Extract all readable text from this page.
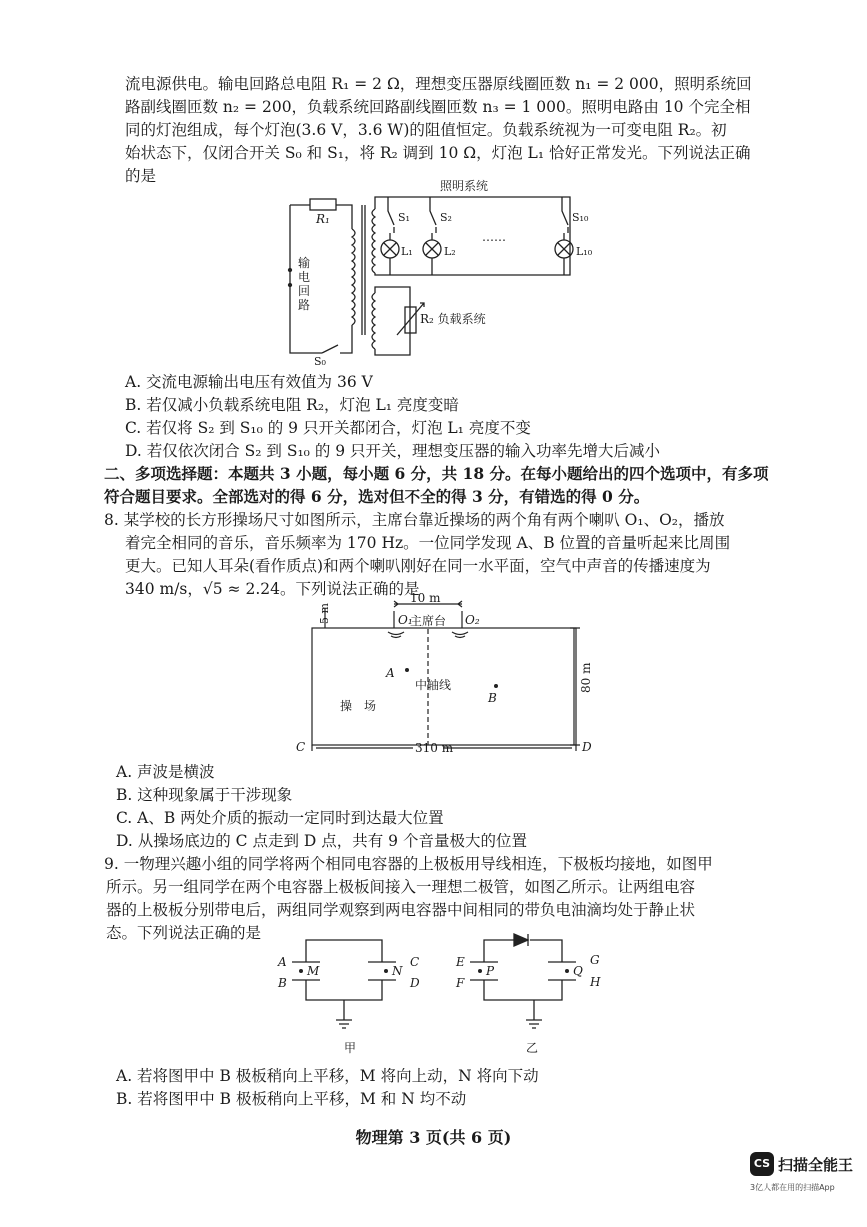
流电源供电。输电回路总电阻 R₁ = 2 Ω，理想变压器原线圈匝数 n₁ = 2 000，照明系统回
路副线圈匝数 n₂ = 200，负载系统回路副线圈匝数 n₃ = 1 000。照明电路由 10 个完全相
同的灯泡组成，每个灯泡(3.6 V，3.6 W)的阻值恒定。负载系统视为一可变电阻 R₂。初
始状态下，仅闭合开关 S₀ 和 S₁，将 R₂ 调到 10 Ω，灯泡 L₁ 恰好正常发光。下列说法正确
的是
照明系统
R₁
输
电
回
路
S₁	S₂	S₁₀
L₁	L₂	L₁₀
……
R₂ 负载系统
S₀
A. 交流电源输出电压有效值为 36 V
B. 若仅减小负载系统电阻 R₂，灯泡 L₁ 亮度变暗
C. 若仅将 S₂ 到 S₁₀ 的 9 只开关都闭合，灯泡 L₁ 亮度不变
D. 若仅依次闭合 S₂ 到 S₁₀ 的 9 只开关，理想变压器的输入功率先增大后减小
二、多项选择题：本题共 3 小题，每小题 6 分，共 18 分。在每小题给出的四个选项中，有多项
符合题目要求。全部选对的得 6 分，选对但不全的得 3 分，有错选的得 0 分。
8. 某学校的长方形操场尺寸如图所示，主席台靠近操场的两个角有两个喇叭 O₁、O₂，播放
着完全相同的音乐，音乐频率为 170 Hz。一位同学发现 A、B 位置的音量听起来比周围
更大。已知人耳朵(看作质点)和两个喇叭刚好在同一水平面，空气中声音的传播速度为
340 m/s，√5 ≈ 2.24。下列说法正确的是
10 m
5 m	O₁
主席台 O₂
A
中轴线
B
操　场
80 m
310 m
C	D
A. 声波是横波
B. 这种现象属于干涉现象
C. A、B 两处介质的振动一定同时到达最大位置
D. 从操场底边的 C 点走到 D 点，共有 9 个音量极大的位置
9. 一物理兴趣小组的同学将两个相同电容器的上极板用导线相连，下极板均接地，如图甲
所示。另一组同学在两个电容器上极板间接入一理想二极管，如图乙所示。让两组电容
器的上极板分别带电后，两组同学观察到两电容器中间相同的带负电油滴均处于静止状
态。下列说法正确的是
A
B
M
C
D
N
甲
E
F
P
G
H
Q
乙
A. 若将图甲中 B 极板稍向上平移，M 将向上动，N 将向下动
B. 若将图甲中 B 极板稍向上平移，M 和 N 均不动
物理第 3 页(共 6 页)
CS 扫描全能王
3亿人都在用的扫描App
